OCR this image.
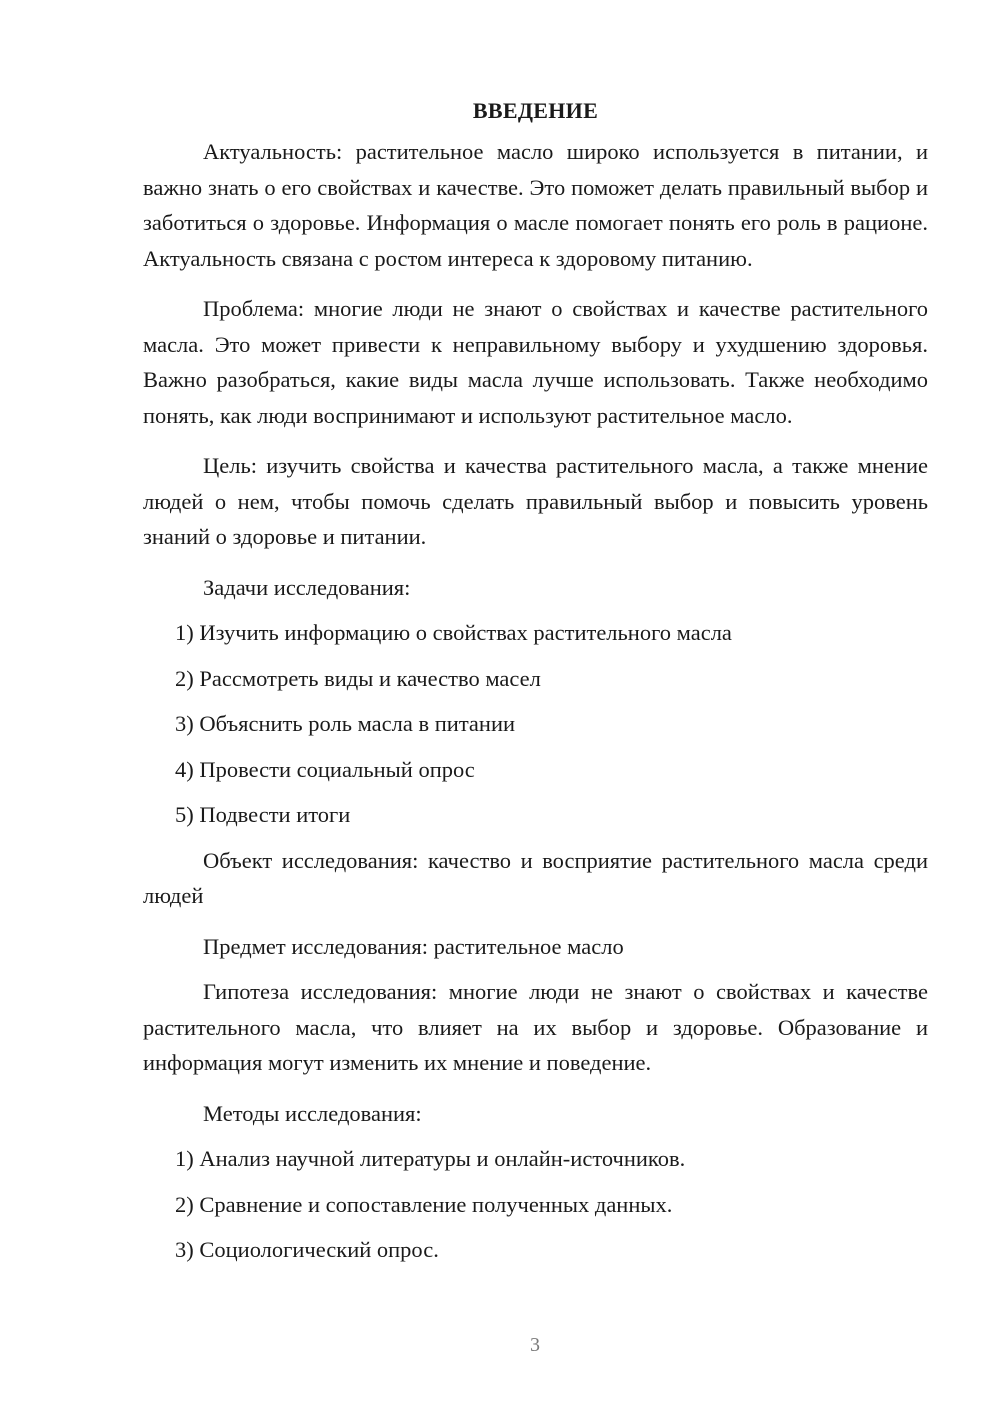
ВВЕДЕНИЕ

Актуальность: растительное масло широко используется в питании, и важно знать о его свойствах и качестве. Это поможет делать правильный выбор и заботиться о здоровье. Информация о масле помогает понять его роль в рационе. Актуальность связана с ростом интереса к здоровому питанию.

Проблема: многие люди не знают о свойствах и качестве растительного масла. Это может привести к неправильному выбору и ухудшению здоровья. Важно разобраться, какие виды масла лучше использовать. Также необходимо понять, как люди воспринимают и используют растительное масло.

Цель: изучить свойства и качества растительного масла, а также мнение людей о нем, чтобы помочь сделать правильный выбор и повысить уровень знаний о здоровье и питании.

Задачи исследования:

1) Изучить информацию о свойствах растительного масла
2) Рассмотреть виды и качество масел
3) Объяснить роль масла в питании
4) Провести социальный опрос
5) Подвести итоги

Объект исследования: качество и восприятие растительного масла среди людей

Предмет исследования: растительное масло

Гипотеза исследования: многие люди не знают о свойствах и качестве растительного масла, что влияет на их выбор и здоровье. Образование и информация могут изменить их мнение и поведение.

Методы исследования:

1) Анализ научной литературы и онлайн-источников.
2) Сравнение и сопоставление полученных данных.
3) Социологический опрос.
3
